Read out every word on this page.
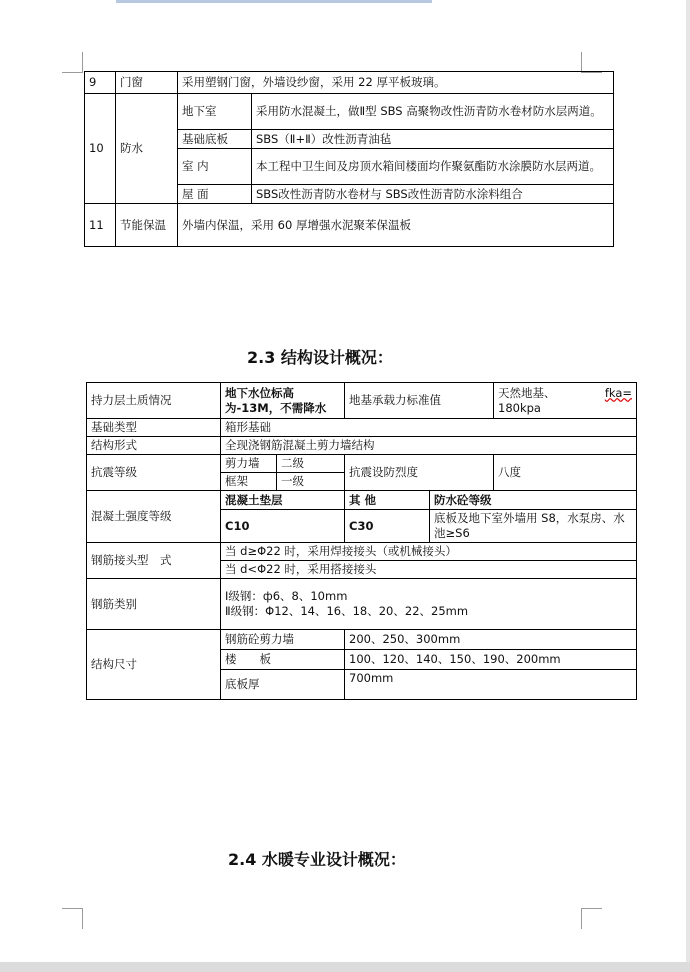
9	门窗	采用塑钢门窗，外墙设纱窗，采用 22 厚平板玻璃。	
10	防水	地下室	采用防水混凝土，做Ⅱ型 SBS 高聚物改性沥青防水卷材防水层两道。
		基础底板	SBS（Ⅱ+Ⅱ）改性沥青油毡
		室 内	本工程中卫生间及房顶水箱间楼面均作聚氨酯防水涂膜防水层两道。
		屋 面	SBS改性沥青防水卷材与 SBS改性沥青防水涂料组合
11	节能保温	外墙内保温，采用 60 厚增强水泥聚苯保温板	
2.3 结构设计概况：
持力层土质情况	地下水位标高为-13M，不需降水		地基承载力标准值		天然地基、 fka=

180kpa
基础类型	箱形基础				
结构形式	全现浇钢筋混凝土剪力墙结构				
抗震等级	剪力墙	二级	抗震设防烈度		八度
	框架	一级			
混凝土强度等级	混凝土垫层		其 他	防水砼等级	
	C10		C30	底板及地下室外墙用 S8，水泵房、水池≥S6	
钢筋接头型　式	当 d≥Φ22 时，采用焊接接头（或机械接头）				
	当 d<Φ22 时，采用搭接接头				
钢筋类别	Ⅰ级钢：ф6、8、10mm
Ⅱ级钢：Φ12、14、16、18、20、22、25mm				

结构尺寸	钢筋砼剪力墙		200、250、300mm		
	楼　　板		100、120、140、150、190、200mm		
	底板厚		700mm		
2.4 水暖专业设计概况：
